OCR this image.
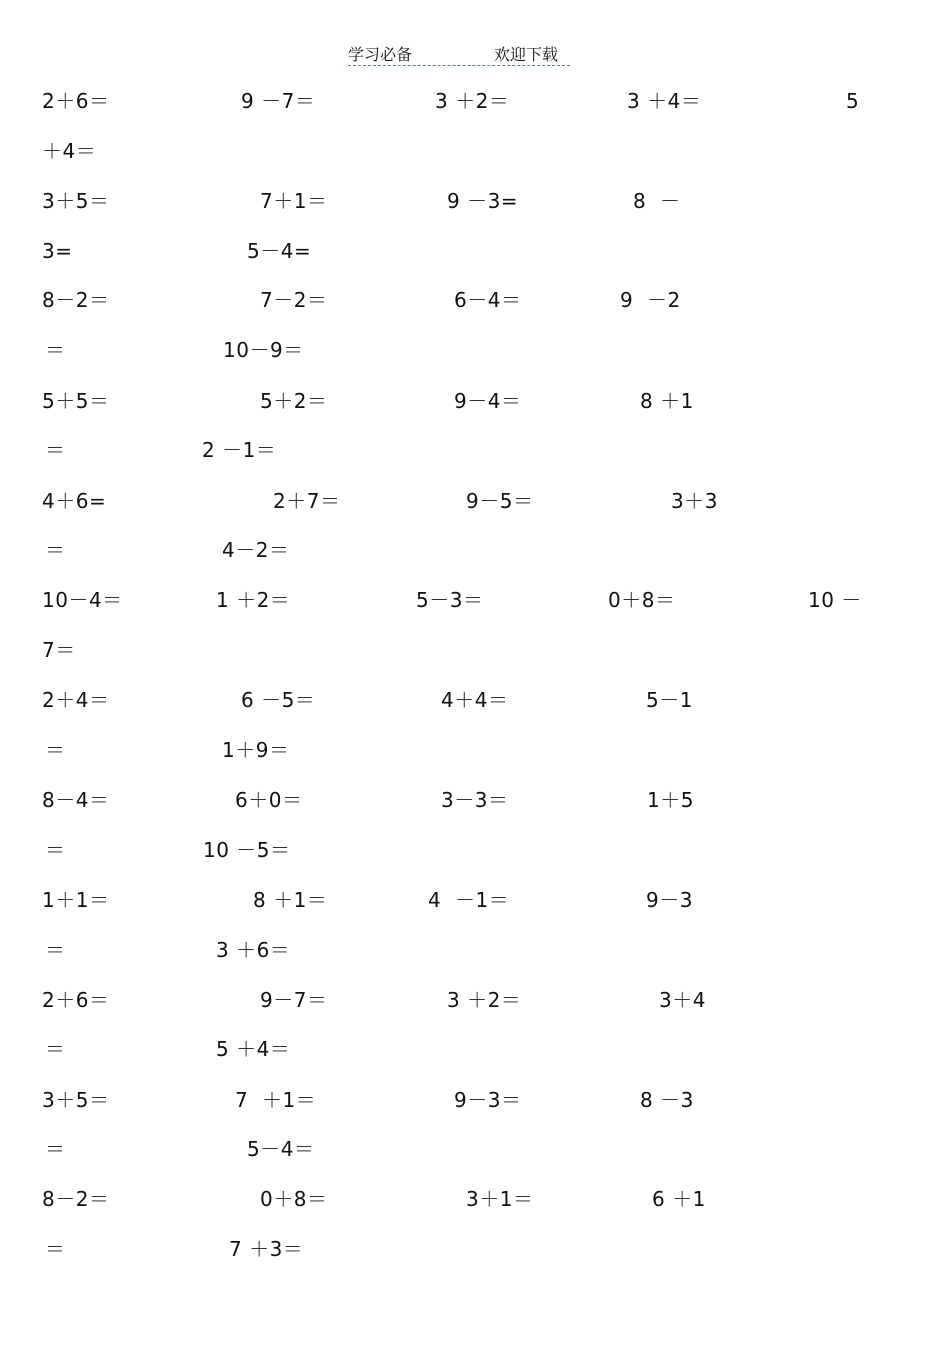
学习必备	欢迎下载
2＋6＝	9 －7＝	3 ＋2＝	3 ＋4＝	5
＋4＝
3＋5＝	7＋1＝	9 －3=	8  －
3=	5－4=
8－2＝	7－2＝	6－4＝	9  －2
＝	10－9＝
5＋5＝	5＋2＝	9－4＝	8 ＋1
＝	2 －1＝
4＋6=	2＋7＝	9－5＝	3＋3
＝	4－2＝
10－4＝	1 ＋2＝	5－3＝	0＋8＝	10 －
7＝
2＋4＝	6 －5＝	4＋4＝	5－1
＝	1＋9＝
8－4＝	6＋0＝	3－3＝	1＋5
＝	10 －5＝
1＋1＝	8 ＋1＝	4  －1＝	9－3
＝	3 ＋6＝
2＋6＝	9－7＝	3 ＋2＝	3＋4
＝	5 ＋4＝
3＋5＝	7  ＋1＝	9－3＝	8 －3
＝	5－4＝
8－2＝	0＋8＝	3＋1＝	6 ＋1
＝	7 ＋3＝
